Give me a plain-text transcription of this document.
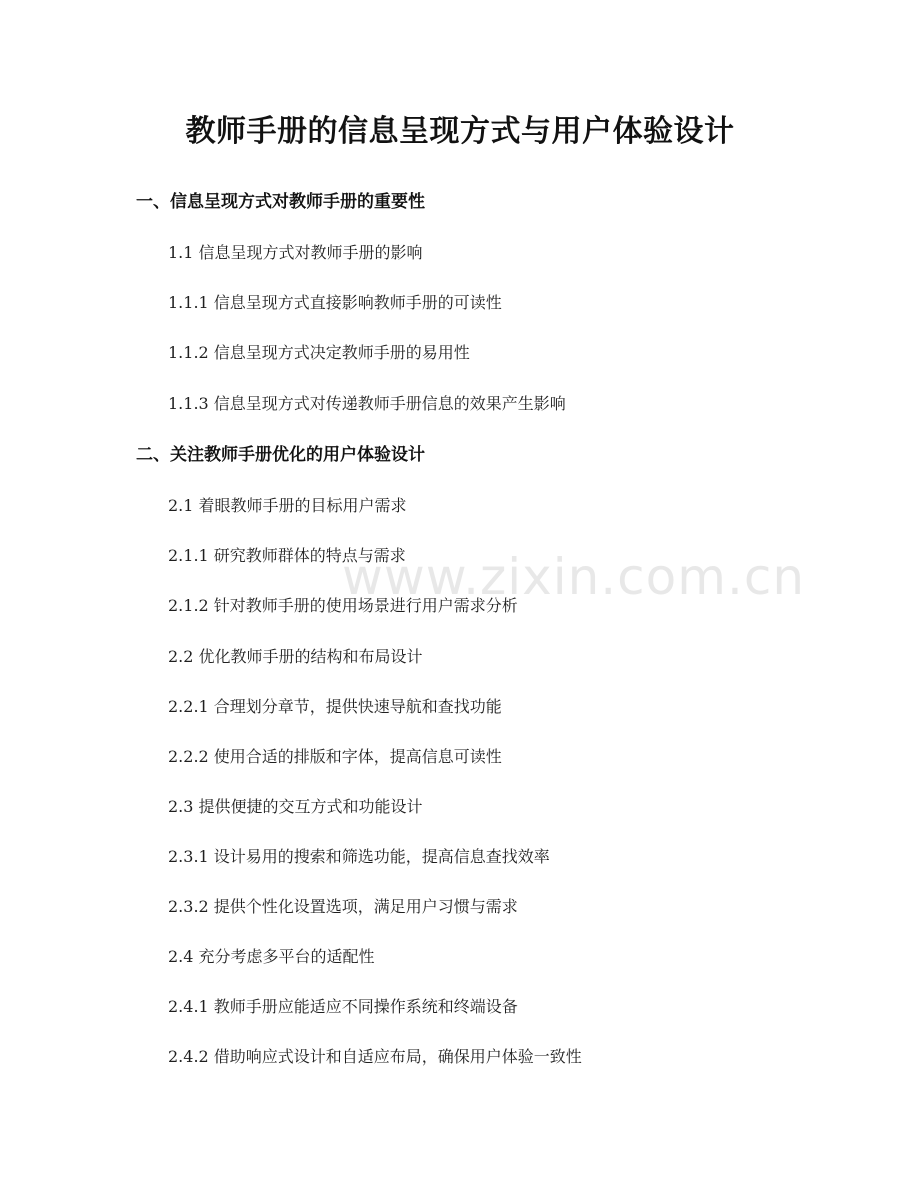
教师手册的信息呈现方式与用户体验设计
一、信息呈现方式对教师手册的重要性
1.1 信息呈现方式对教师手册的影响
1.1.1 信息呈现方式直接影响教师手册的可读性
1.1.2 信息呈现方式决定教师手册的易用性
1.1.3 信息呈现方式对传递教师手册信息的效果产生影响
二、关注教师手册优化的用户体验设计
2.1 着眼教师手册的目标用户需求
2.1.1 研究教师群体的特点与需求
2.1.2 针对教师手册的使用场景进行用户需求分析
2.2 优化教师手册的结构和布局设计
2.2.1 合理划分章节，提供快速导航和查找功能
2.2.2 使用合适的排版和字体，提高信息可读性
2.3 提供便捷的交互方式和功能设计
2.3.1 设计易用的搜索和筛选功能，提高信息查找效率
2.3.2 提供个性化设置选项，满足用户习惯与需求
2.4 充分考虑多平台的适配性
2.4.1 教师手册应能适应不同操作系统和终端设备
2.4.2 借助响应式设计和自适应布局，确保用户体验一致性
www.zixin.com.cn
